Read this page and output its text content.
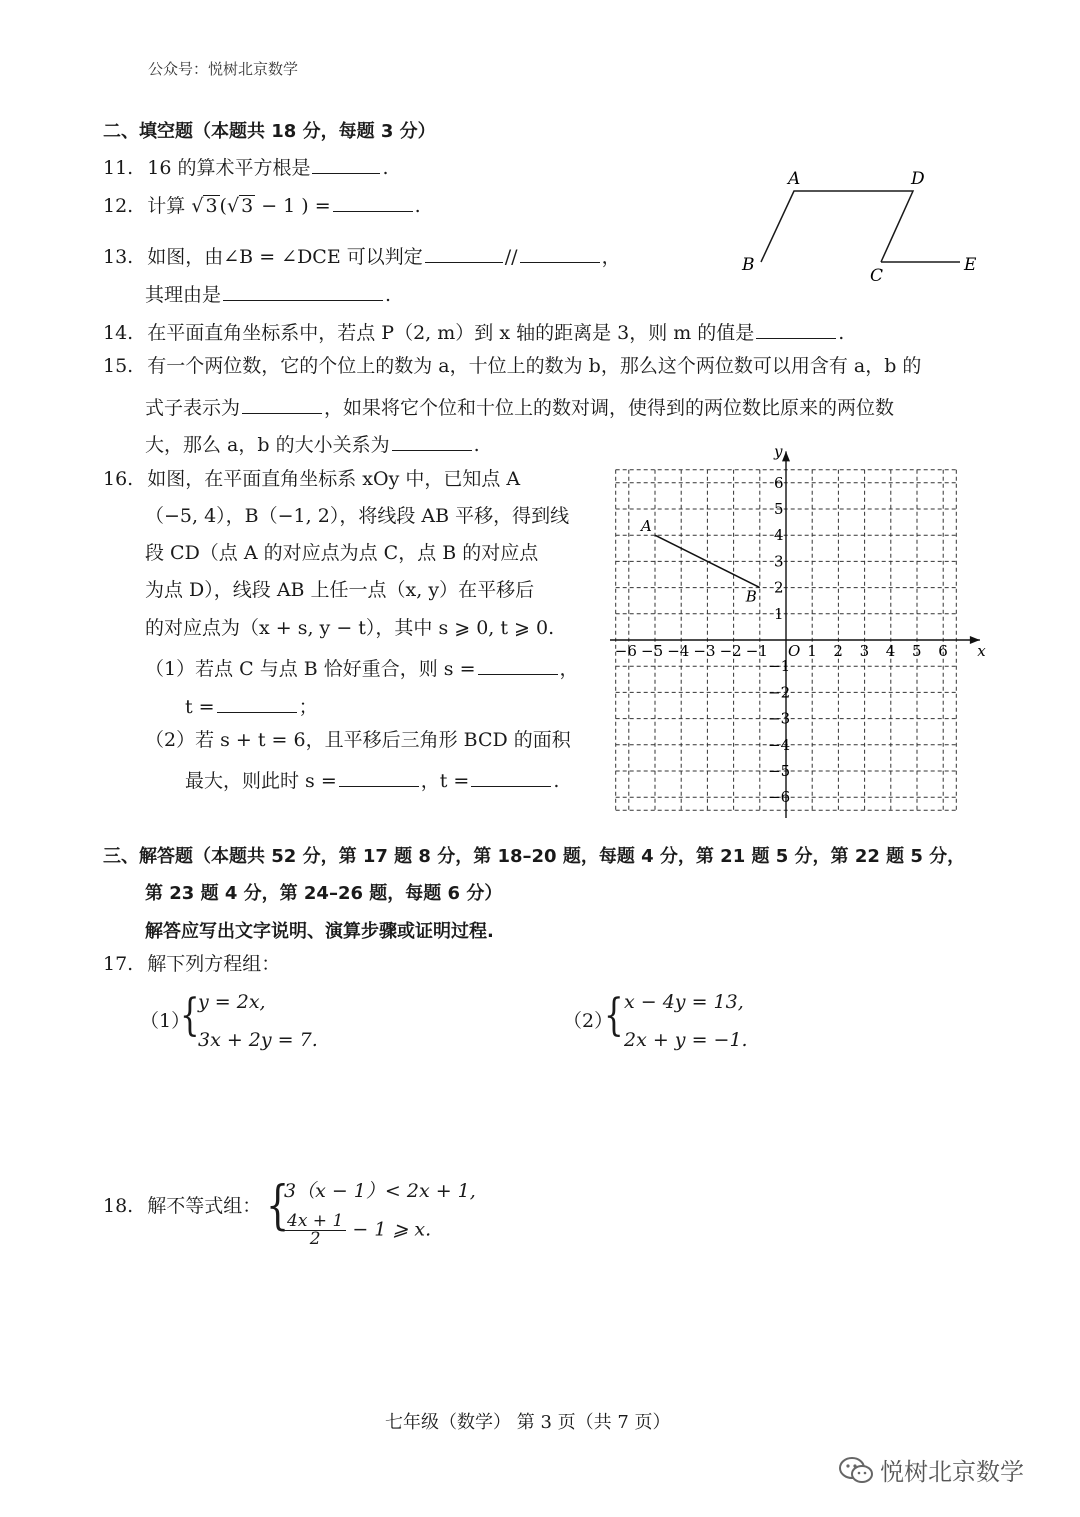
公众号：悦树北京数学
二、填空题（本题共 18 分，每题 3 分）
11. 16 的算术平方根是	.
12. 计算 √ 3 (√ 3 − 1 ) =	.
13. 如图，由∠B = ∠DCE 可以判定	//	，
其理由是	.
A	D
B
C
E
14. 在平面直角坐标系中，若点 P（2, m）到 x 轴的距离是 3，则 m 的值是	.
15. 有一个两位数，它的个位上的数为 a，十位上的数为 b，那么这个两位数可以用含有 a，b 的
式子表示为	，如果将它个位和十位上的数对调，使得到的两位数比原来的两位数
大，那么 a，b 的大小关系为	.
16. 如图，在平面直角坐标系 xOy 中，已知点 A
（−5, 4），B（−1, 2），将线段 AB 平移，得到线
段 CD（点 A 的对应点为点 C，点 B 的对应点
为点 D），线段 AB 上任一点（x, y）在平移后
的对应点为（x + s, y − t），其中 s ⩾ 0, t ⩾ 0.
（1）若点 C 与点 B 恰好重合，则 s =	，
t =	；
（2）若 s + t = 6，且平移后三角形 BCD 的面积
最大，则此时 s =	，t =	.
x
y
O
−6 −5 −4 −3 −2 −1	1 2 3 4 5 6
6
5
4
3
2
1
−1
−2
−3
−4
−5
−6
A
B
三、解答题（本题共 52 分，第 17 题 8 分，第 18–20 题，每题 4 分，第 21 题 5 分，第 22 题 5 分，
第 23 题 4 分，第 24–26 题，每题 6 分）
解答应写出文字说明、演算步骤或证明过程.
17. 解下列方程组：
（1）
{
y = 2x,
3x + 2y = 7.
（2）
{ x − 4y = 13,
2x + y = −1.
18. 解不等式组： {
3（x − 1）< 2x + 1,
$\frac{4x + 1}{2} - 1$ ⩾ x.
七年级（数学） 第 3 页（共 7 页）
悦树北京数学
